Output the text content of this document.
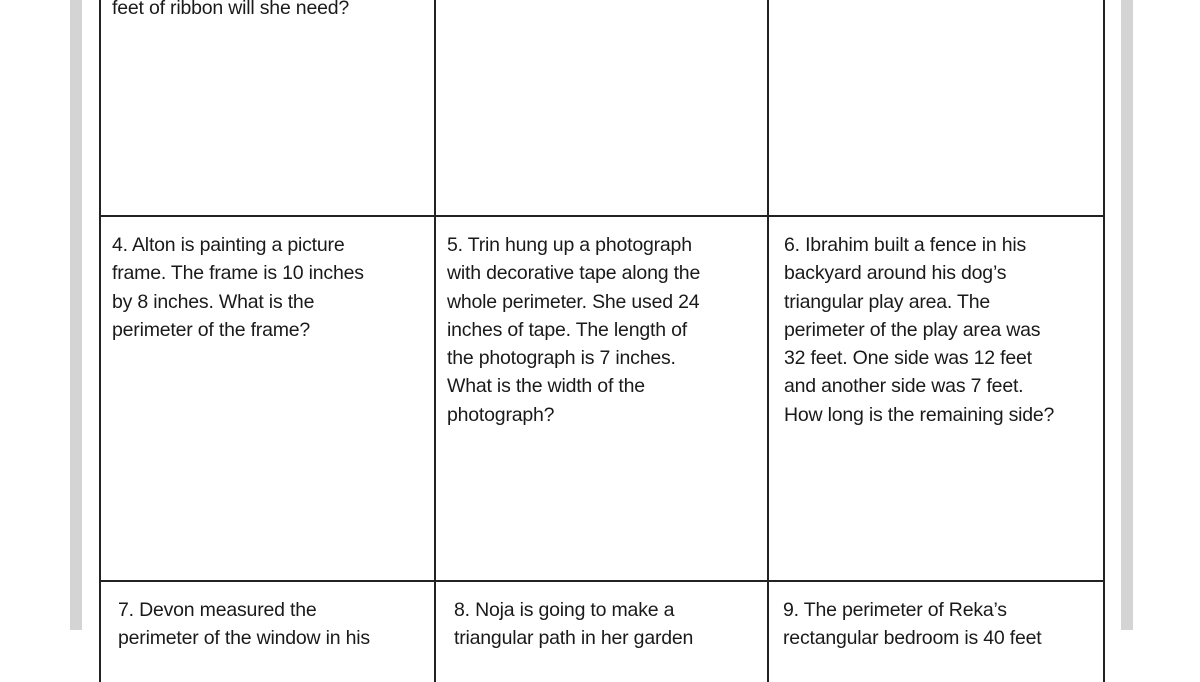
feet of ribbon will she need?
4. Alton is painting a picture
frame. The frame is 10 inches
by 8 inches. What is the
perimeter of the frame?
5. Trin hung up a photograph
with decorative tape along the
whole perimeter. She used 24
inches of tape. The length of
the photograph is 7 inches.
What is the width of the
photograph?
6. Ibrahim built a fence in his
backyard around his dog’s
triangular play area. The
perimeter of the play area was
32 feet. One side was 12 feet
and another side was 7 feet.
How long is the remaining side?
7. Devon measured the
perimeter of the window in his
8. Noja is going to make a
triangular path in her garden
9. The perimeter of Reka’s
rectangular bedroom is 40 feet
